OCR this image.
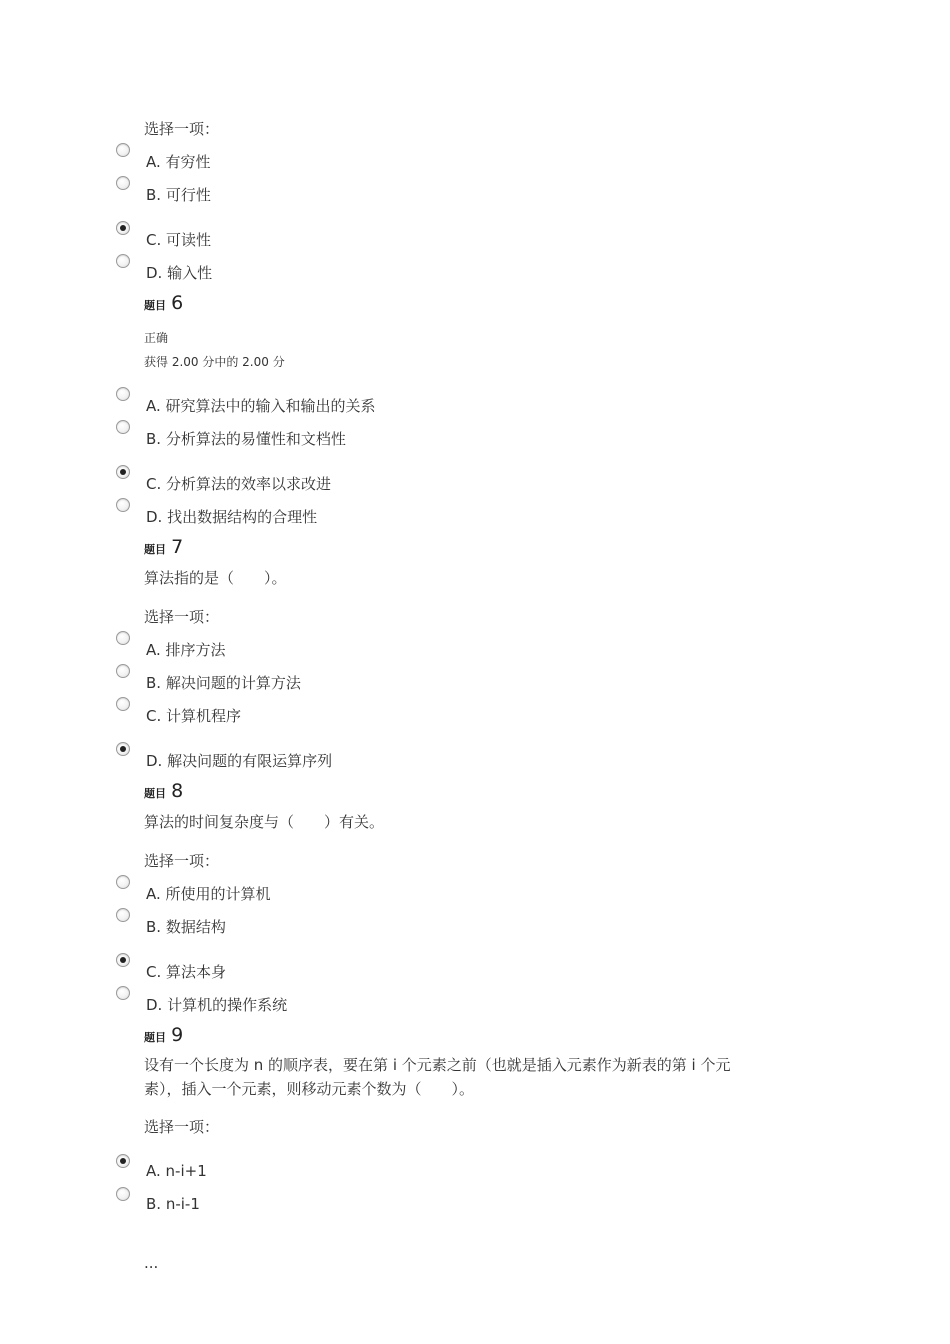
选择一项：
A. 有穷性
B. 可行性
C. 可读性
D. 输入性
题目 6
正确
获得 2.00 分中的 2.00 分
A. 研究算法中的输入和输出的关系
B. 分析算法的易懂性和文档性
C. 分析算法的效率以求改进
D. 找出数据结构的合理性
题目 7
算法指的是（　　）。
选择一项：
A. 排序方法
B. 解决问题的计算方法
C. 计算机程序
D. 解决问题的有限运算序列
题目 8
算法的时间复杂度与（　　）有关。
选择一项：
A. 所使用的计算机
B. 数据结构
C. 算法本身
D. 计算机的操作系统
题目 9
设有一个长度为 n 的顺序表，要在第 i 个元素之前（也就是插入元素作为新表的第 i 个元
素），插入一个元素，则移动元素个数为（　　）。
选择一项：
A. n-i+1
B. n-i-1
...
